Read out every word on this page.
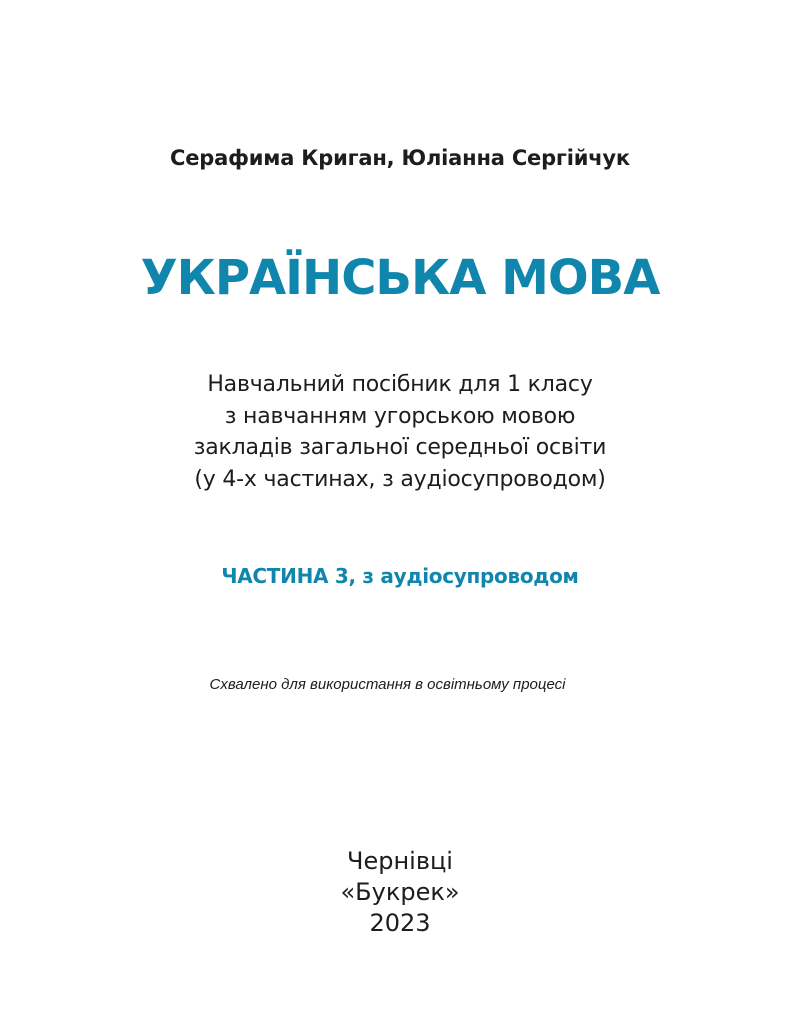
Серафима Криган, Юліанна Сергійчук
УКРАЇНСЬКА МОВА
Навчальний посібник для 1 класу
з навчанням угорською мовою
закладів загальної середньої освіти
(у 4-х частинах, з аудіосупроводом)
ЧАСТИНА 3, з аудіосупроводом
Схвалено для використання в освітньому процесі
Чернівці
«Букрек»
2023
